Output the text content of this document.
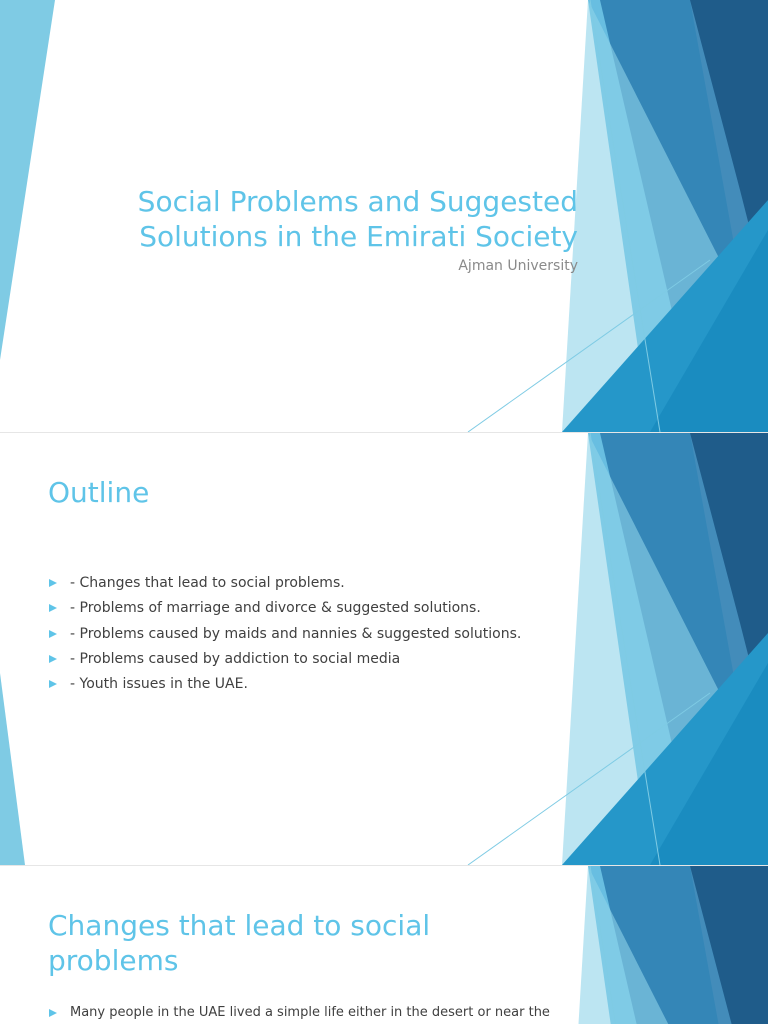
Social Problems and Suggested Solutions in the Emirati Society

Ajman University

Outline
- Changes that lead to social problems.
- Problems of marriage and divorce & suggested solutions.
- Problems caused by maids and nannies & suggested solutions.
- Problems caused by addiction to social media
- Youth issues in the UAE.
Changes that lead to social problems
Many people in the UAE lived a simple life either in the desert or near the
